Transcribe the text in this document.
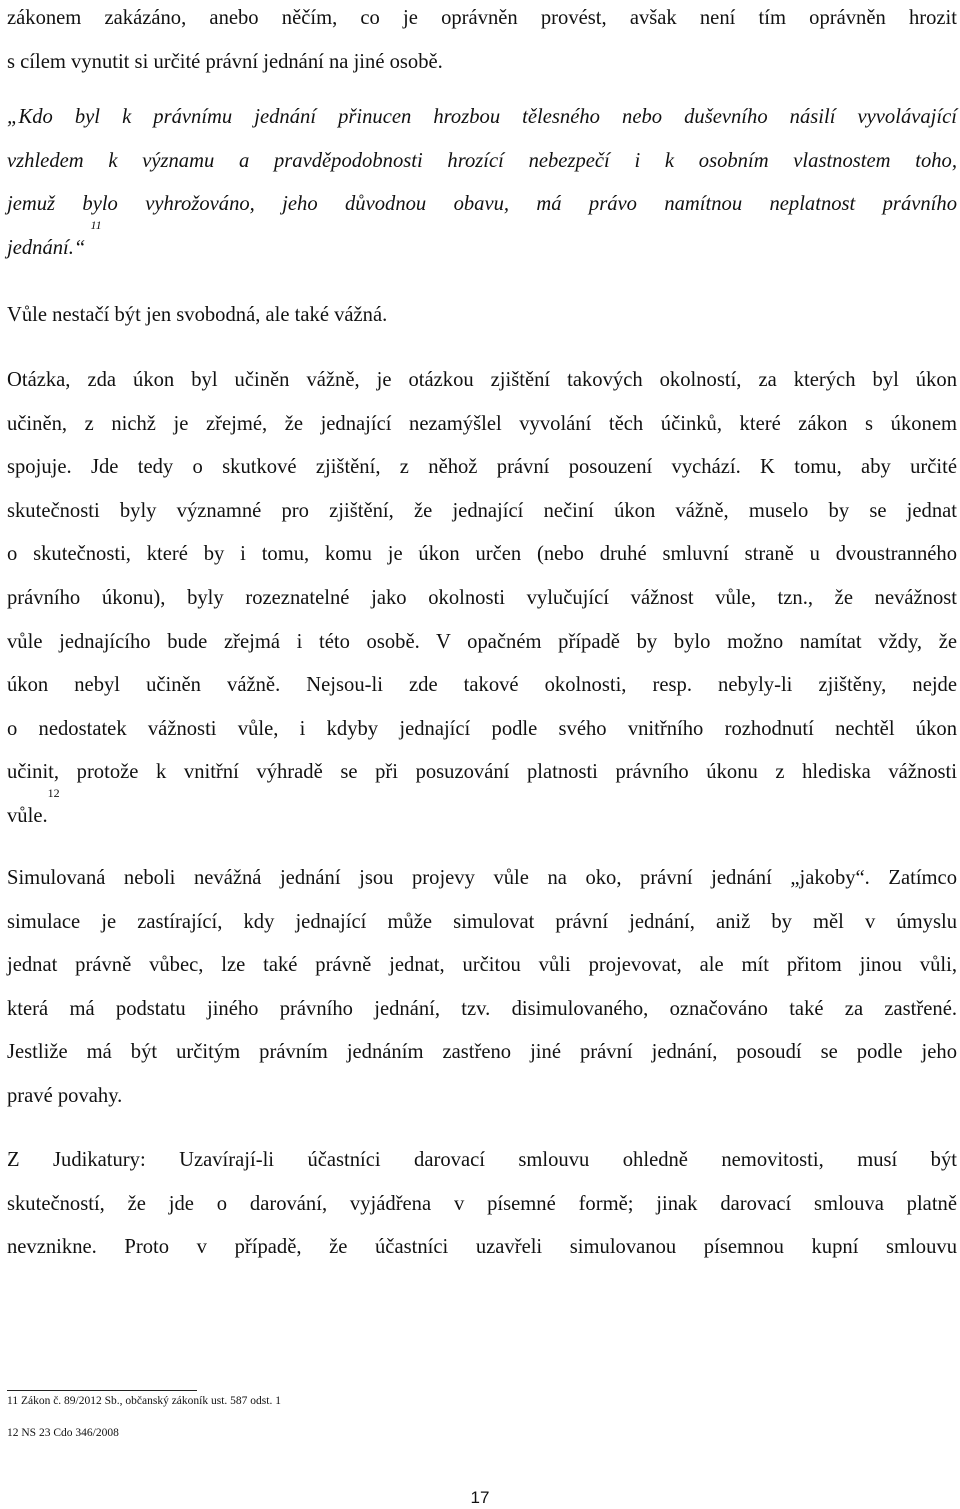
zákonem zakázáno, anebo něčím, co je oprávněn provést, avšak není tím oprávněn hrozit
s cílem vynutit si určité právní jednání na jiné osobě.
„Kdo byl k právnímu jednání přinucen hrozbou tělesného nebo duševního násilí vyvolávající
vzhledem k významu a pravděpodobnosti hrozící nebezpečí i k osobním vlastnostem toho,
jemuž bylo vyhrožováno, jeho důvodnou obavu, má právo namítnou neplatnost právního
jednání.“ $^{11}$
Vůle nestačí být jen svobodná, ale také vážná.
Otázka, zda úkon byl učiněn vážně, je otázkou zjištění takových okolností, za kterých byl úkon
učiněn, z nichž je zřejmé, že jednající nezamýšlel vyvolání těch účinků, které zákon s úkonem
spojuje. Jde tedy o skutkové zjištění, z něhož právní posouzení vychází. K tomu, aby určité
skutečnosti byly významné pro zjištění, že jednající nečiní úkon vážně, muselo by se jednat
o skutečnosti, které by i tomu, komu je úkon určen (nebo druhé smluvní straně u dvoustranného
právního úkonu), byly rozeznatelné jako okolnosti vylučující vážnost vůle, tzn., že nevážnost
vůle jednajícího bude zřejmá i této osobě. V opačném případě by bylo možno namítat vždy, že
úkon nebyl učiněn vážně. Nejsou-li zde takové okolnosti, resp. nebyly-li zjištěny, nejde
o nedostatek vážnosti vůle, i kdyby jednající podle svého vnitřního rozhodnutí nechtěl úkon
učinit, protože k vnitřní výhradě se při posuzování platnosti právního úkonu z hlediska vážnosti
vůle.$^{12}$
Simulovaná neboli nevážná jednání jsou projevy vůle na oko, právní jednání „jakoby“. Zatímco
simulace je zastírající, kdy jednající může simulovat právní jednání, aniž by měl v úmyslu
jednat právně vůbec, lze také právně jednat, určitou vůli projevovat, ale mít přitom jinou vůli,
která má podstatu jiného právního jednání, tzv. disimulovaného, označováno také za zastřené.
Jestliže má být určitým právním jednáním zastřeno jiné právní jednání, posoudí se podle jeho
pravé povahy.
Z Judikatury: Uzavírají-li účastníci darovací smlouvu ohledně nemovitosti, musí být
skutečností, že jde o darování, vyjádřena v písemné formě; jinak darovací smlouva platně
nevznikne. Proto v případě, že účastníci uzavřeli simulovanou písemnou kupní smlouvu
11 Zákon č. 89/2012 Sb., občanský zákoník ust. 587 odst. 1
12 NS 23 Cdo 346/2008
17
